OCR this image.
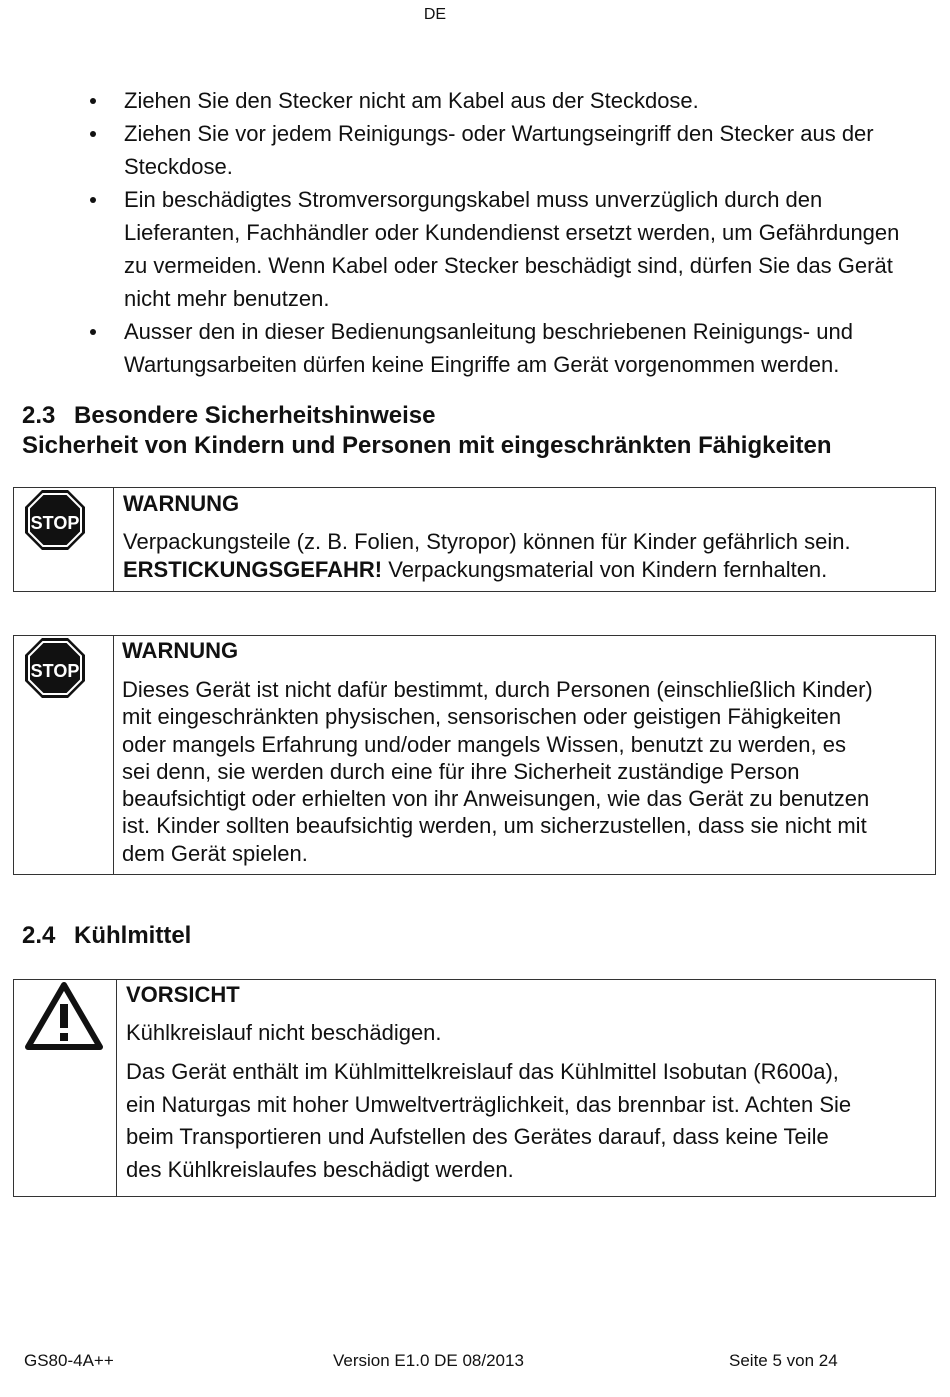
DE
Ziehen Sie den Stecker nicht am Kabel aus der Steckdose.
Ziehen Sie vor jedem Reinigungs- oder Wartungseingriff den Stecker aus der Steckdose.
Ein beschädigtes Stromversorgungskabel muss unverzüglich durch den Lieferanten, Fachhändler oder Kundendienst ersetzt werden, um Gefährdungen zu vermeiden. Wenn Kabel oder Stecker beschädigt sind, dürfen Sie das Gerät nicht mehr benutzen.
Ausser den in dieser Bedienungsanleitung beschriebenen Reinigungs- und Wartungsarbeiten dürfen keine Eingriffe am Gerät vorgenommen werden.
2.3 Besondere Sicherheitshinweise
Sicherheit von Kindern und Personen mit eingeschränkten Fähigkeiten
STOP
WARNUNG
Verpackungsteile (z. B. Folien, Styropor) können für Kinder gefährlich sein.
ERSTICKUNGSGEFAHR! Verpackungsmaterial von Kindern fernhalten.
STOP
WARNUNG
Dieses Gerät ist nicht dafür bestimmt, durch Personen (einschließlich Kinder)
mit eingeschränkten physischen, sensorischen oder geistigen Fähigkeiten
oder mangels Erfahrung und/oder mangels Wissen, benutzt zu werden, es
sei denn, sie werden durch eine für ihre Sicherheit zuständige Person
beaufsichtigt oder erhielten von ihr Anweisungen, wie das Gerät zu benutzen
ist. Kinder sollten beaufsichtig werden, um sicherzustellen, dass sie nicht mit
dem Gerät spielen.
2.4 Kühlmittel
VORSICHT
Kühlkreislauf nicht beschädigen.
Das Gerät enthält im Kühlmittelkreislauf das Kühlmittel Isobutan (R600a),
ein Naturgas mit hoher Umweltverträglichkeit, das brennbar ist. Achten Sie
beim Transportieren und Aufstellen des Gerätes darauf, dass keine Teile
des Kühlkreislaufes beschädigt werden.
GS80-4A++	Version E1.0 DE 08/2013	Seite 5 von 24
